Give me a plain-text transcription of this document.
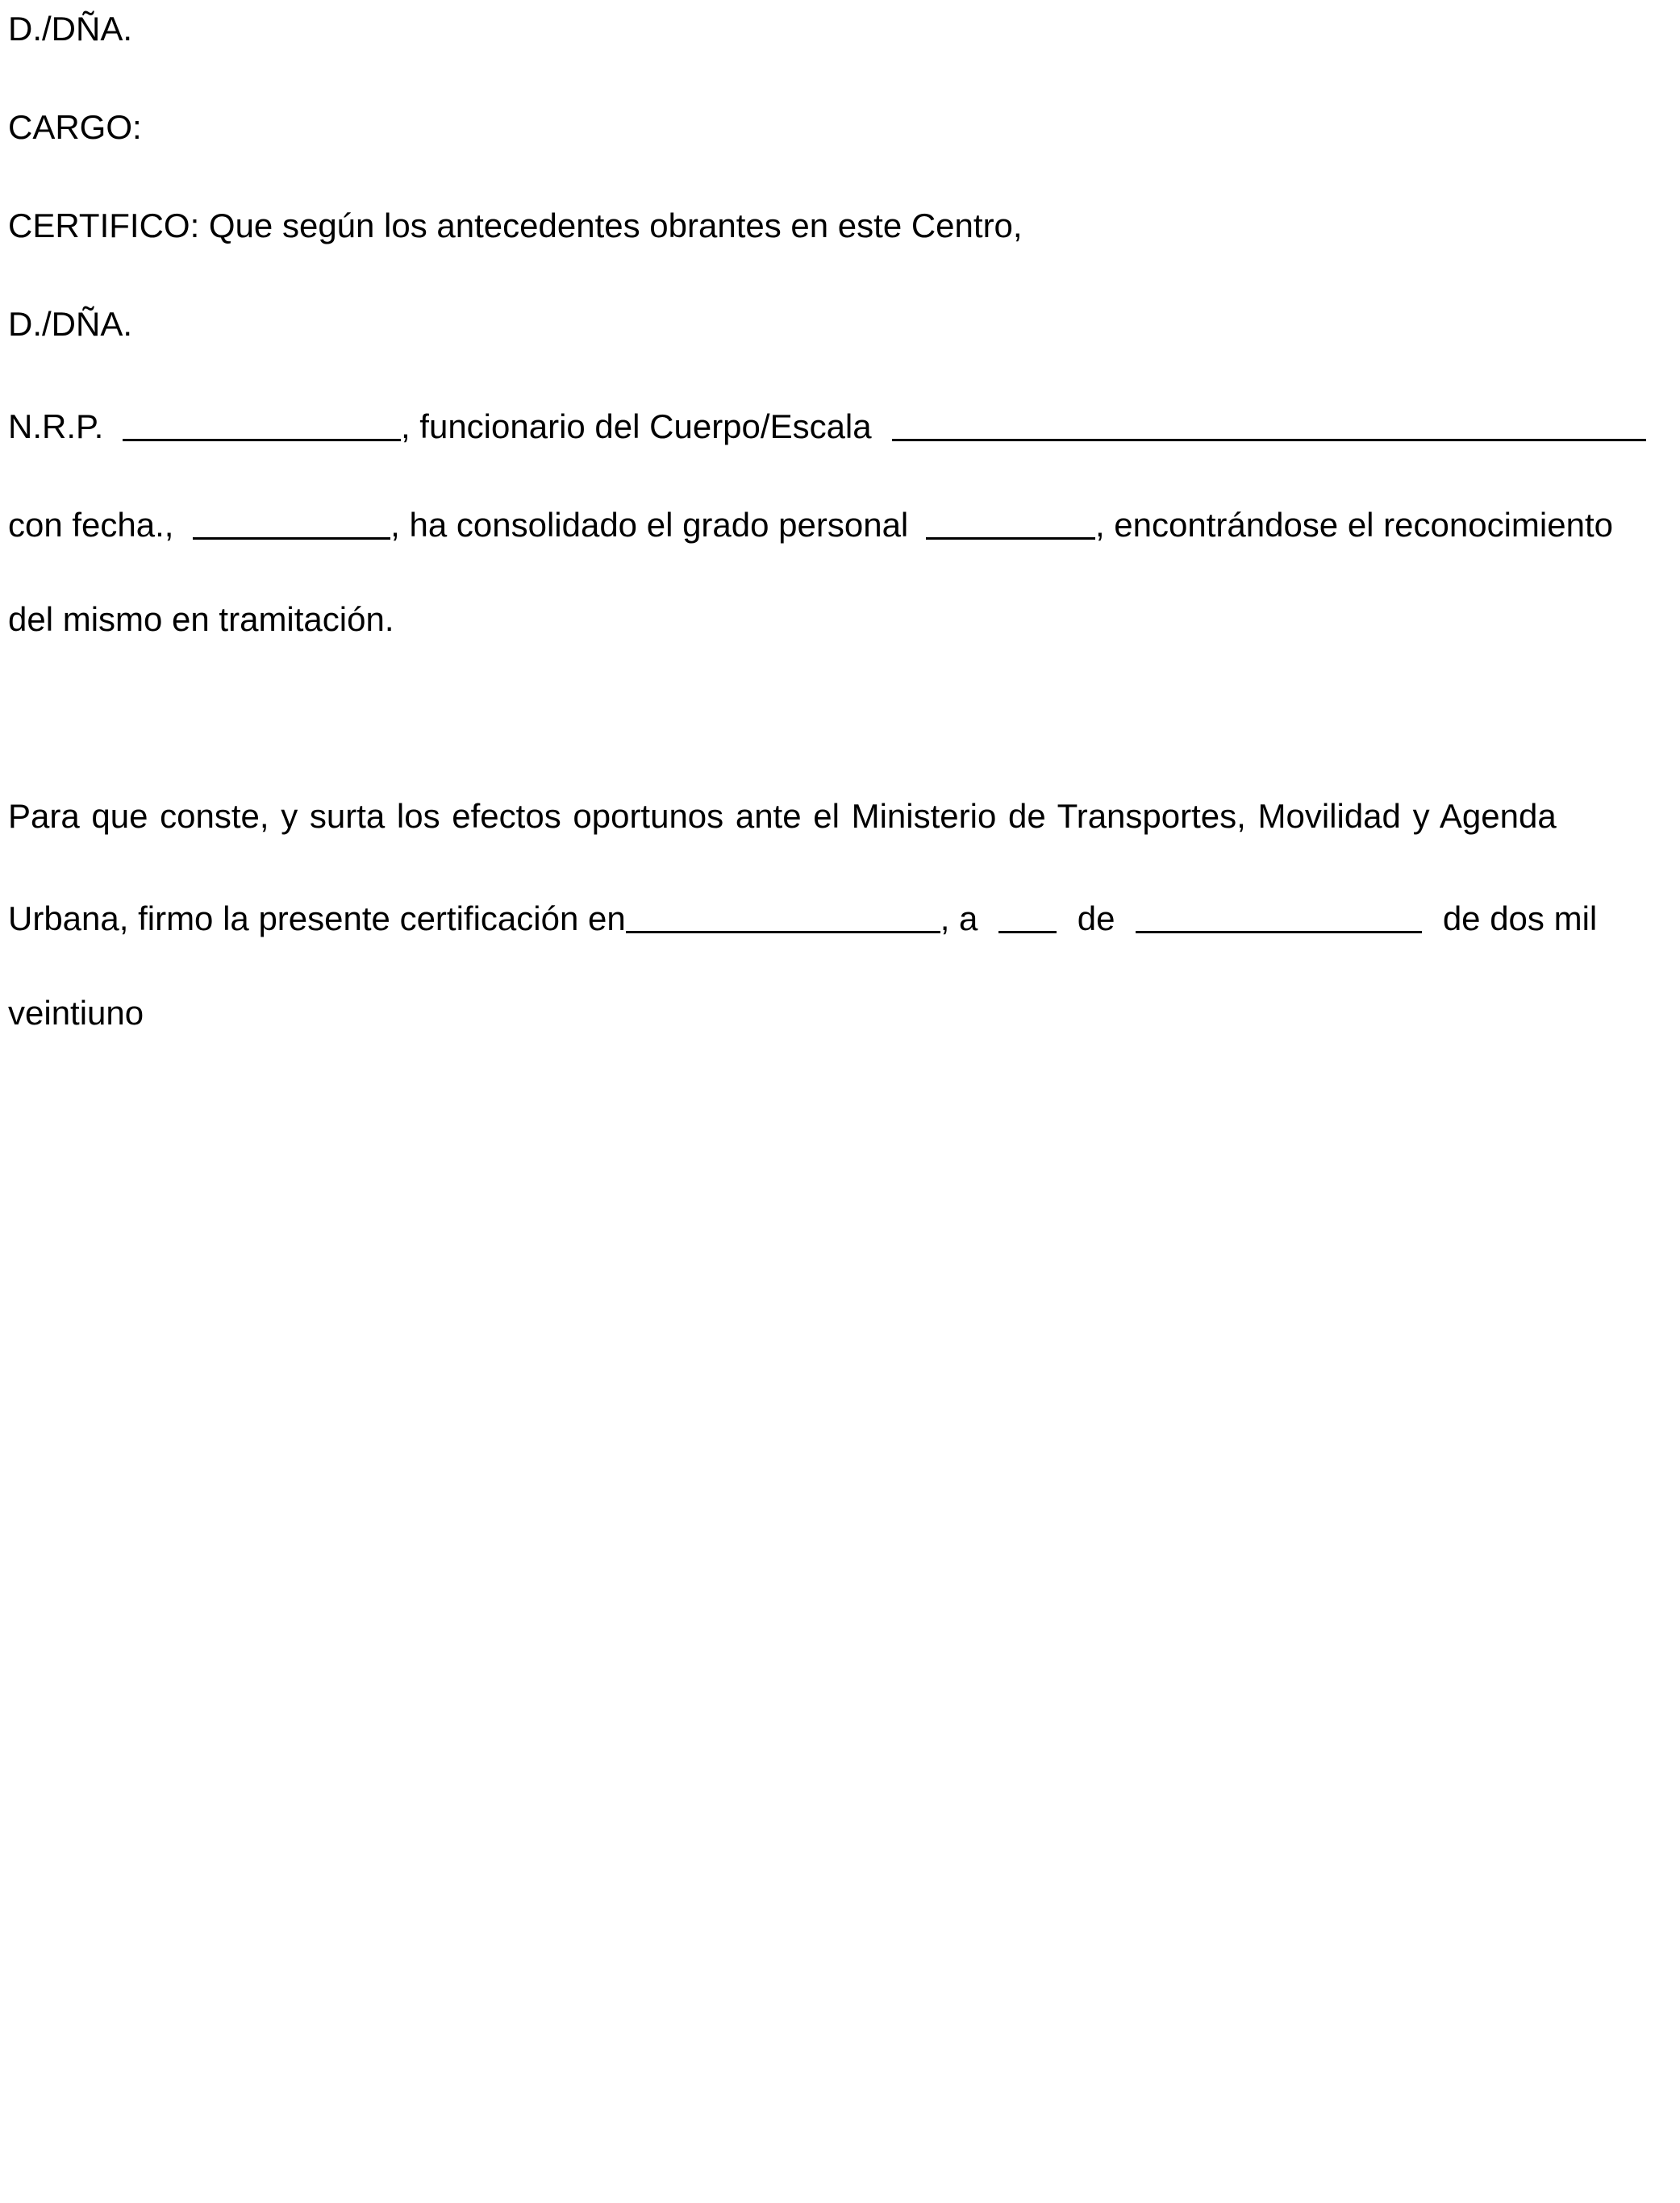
D./DÑA.
CARGO:
CERTIFICO: Que según los antecedentes obrantes en este Centro,
D./DÑA.
N.R.P.	, funcionario del Cuerpo/Escala
con fecha.,	, ha consolidado el grado personal	, encontrándose el reconocimiento
del mismo en tramitación.
Para que conste, y surta los efectos oportunos ante el Ministerio de Transportes, Movilidad y Agenda
Urbana, firmo la presente certificación en	, a	de	de dos mil
veintiuno
